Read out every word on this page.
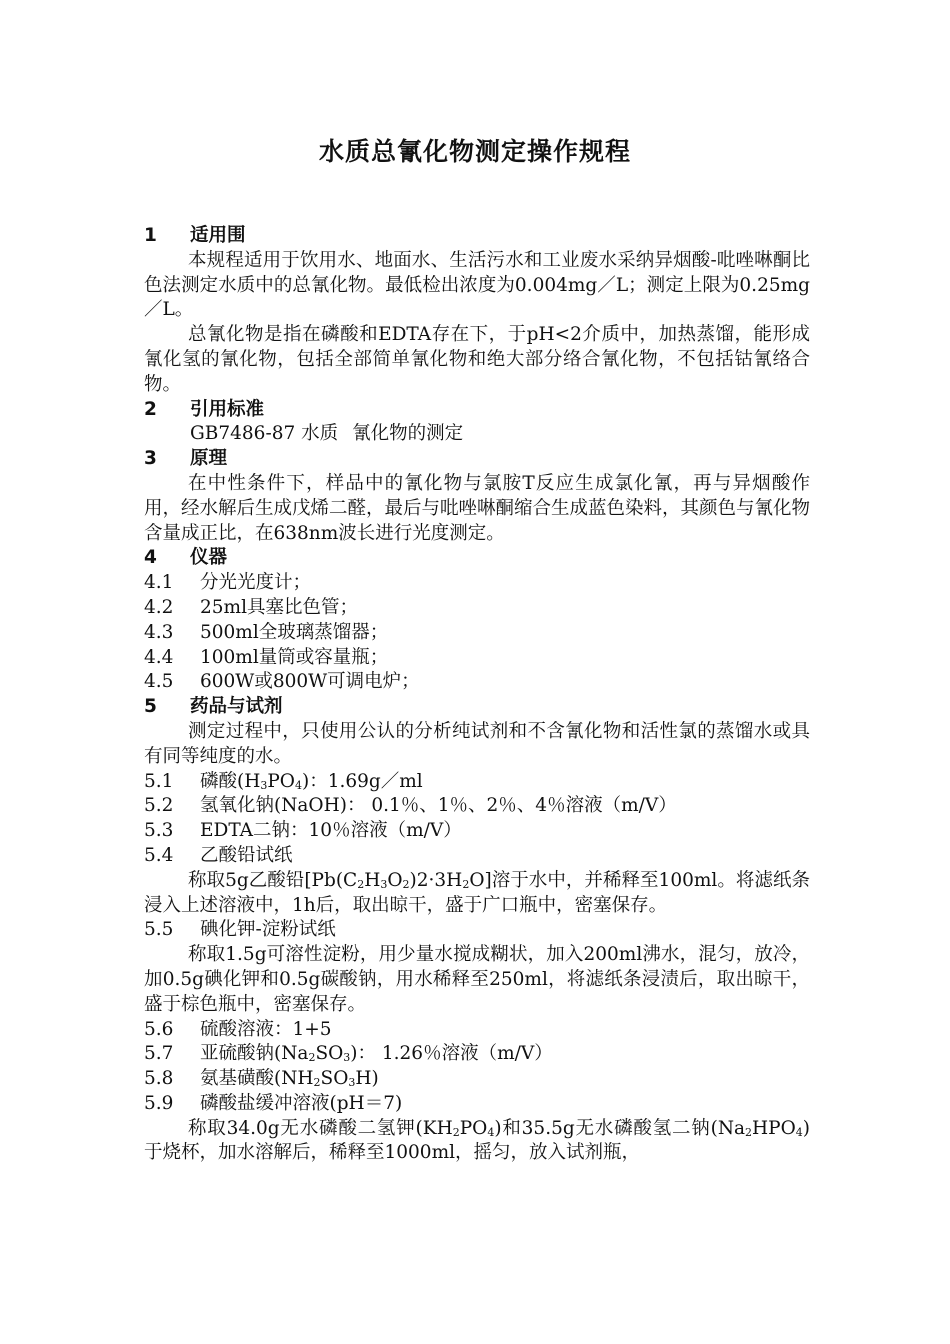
水质总氰化物测定操作规程
1 适用围
本规程适用于饮用水、地面水、生活污水和工业废水采纳异烟酸-吡唑啉酮比色法测定水质中的总氰化物。最低检出浓度为0.004mg／L；测定上限为0.25mg／L。
总氰化物是指在磷酸和EDTA存在下，于pH<2介质中，加热蒸馏，能形成氰化氢的氰化物，包括全部简单氰化物和绝大部分络合氰化物，不包括钴氰络合物。
2 引用标准
GB7486-87 水质 氰化物的测定
3 原理
在中性条件下，样品中的氰化物与氯胺T反应生成氯化氰，再与异烟酸作用，经水解后生成戊烯二醛，最后与吡唑啉酮缩合生成蓝色染料，其颜色与氰化物含量成正比，在638nm波长进行光度测定。
4 仪器
4.1 分光光度计；
4.2 25ml具塞比色管；
4.3 500ml全玻璃蒸馏器；
4.4 100ml量筒或容量瓶；
4.5 600W或800W可调电炉；
5 药品与试剂
测定过程中，只使用公认的分析纯试剂和不含氰化物和活性氯的蒸馏水或具有同等纯度的水。
5.1 磷酸$(H_3PO_4)$：1.69g／ml
5.2 氢氧化钠(NaOH)： 0.1％、1％、2％、4％溶液（m/V）
5.3 EDTA二钠：10％溶液（m/V）
5.4 乙酸铅试纸
称取5g乙酸铅$[Pb(C_2H_3O_2)2\cdot 3H_2O]$溶于水中，并稀释至100ml。将滤纸条浸入上述溶液中，1h后，取出晾干，盛于广口瓶中，密塞保存。
5.5 碘化钾-淀粉试纸
称取1.5g可溶性淀粉，用少量水搅成糊状，加入200ml沸水，混匀，放冷，加0.5g碘化钾和0.5g碳酸钠，用水稀释至250ml，将滤纸条浸渍后，取出晾干，盛于棕色瓶中，密塞保存。
5.6 硫酸溶液：1+5
5.7 亚硫酸钠$(Na_2SO_3)$： 1.26％溶液（m/V）
5.8 氨基磺酸$(NH_2SO_3H)$
5.9 磷酸盐缓冲溶液(pH＝7)
称取34.0g无水磷酸二氢钾$(KH_2PO_4)$和35.5g无水磷酸氢二钠$(Na_2HPO_4)$于烧杯，加水溶解后，稀释至1000ml，摇匀，放入试剂瓶，
